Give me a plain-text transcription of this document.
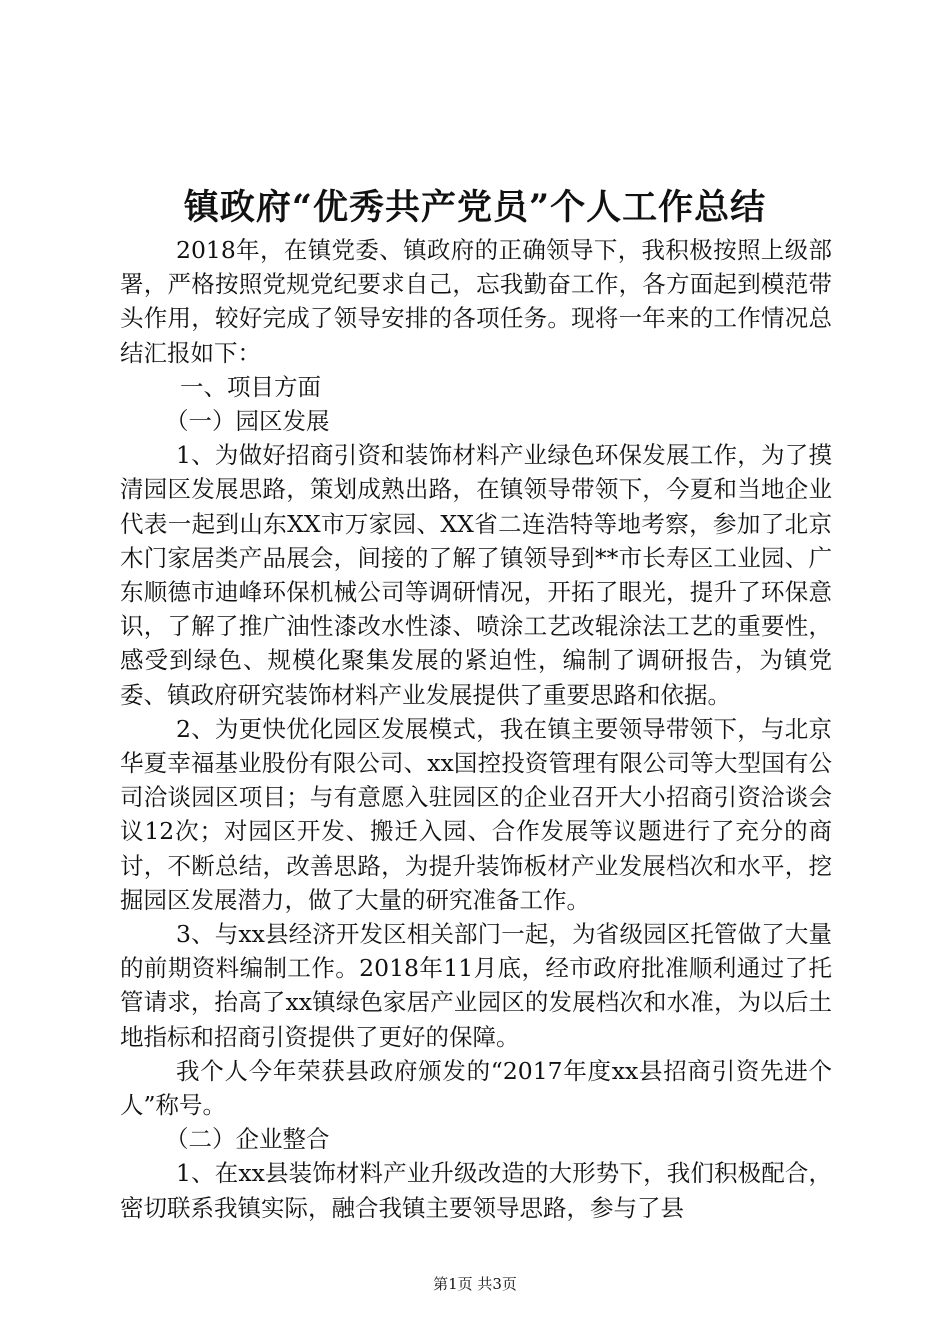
镇政府“优秀共产党员”个人工作总结

2018年，在镇党委、镇政府的正确领导下，我积极按照上级部署，严格按照党规党纪要求自己，忘我勤奋工作，各方面起到模范带头作用，较好完成了领导安排的各项任务。现将一年来的工作情况总结汇报如下：

一、项目方面

（一）园区发展

1、为做好招商引资和装饰材料产业绿色环保发展工作，为了摸清园区发展思路，策划成熟出路，在镇领导带领下，今夏和当地企业代表一起到山东XX市万家园、XX省二连浩特等地考察，参加了北京木门家居类产品展会，间接的了解了镇领导到**市长寿区工业园、广东顺德市迪峰环保机械公司等调研情况，开拓了眼光，提升了环保意识，了解了推广油性漆改水性漆、喷涂工艺改辊涂法工艺的重要性，感受到绿色、规模化聚集发展的紧迫性，编制了调研报告，为镇党委、镇政府研究装饰材料产业发展提供了重要思路和依据。

2、为更快优化园区发展模式，我在镇主要领导带领下，与北京华夏幸福基业股份有限公司、xx国控投资管理有限公司等大型国有公司洽谈园区项目；与有意愿入驻园区的企业召开大小招商引资洽谈会议12次；对园区开发、搬迁入园、合作发展等议题进行了充分的商讨，不断总结，改善思路，为提升装饰板材产业发展档次和水平，挖掘园区发展潜力，做了大量的研究准备工作。

3、与xx县经济开发区相关部门一起，为省级园区托管做了大量的前期资料编制工作。2018年11月底，经市政府批准顺利通过了托管请求，抬高了xx镇绿色家居产业园区的发展档次和水准，为以后土地指标和招商引资提供了更好的保障。

我个人今年荣获县政府颁发的“2017年度xx县招商引资先进个人”称号。

（二）企业整合

1、在xx县装饰材料产业升级改造的大形势下，我们积极配合，密切联系我镇实际，融合我镇主要领导思路，参与了县

第1页 共3页
